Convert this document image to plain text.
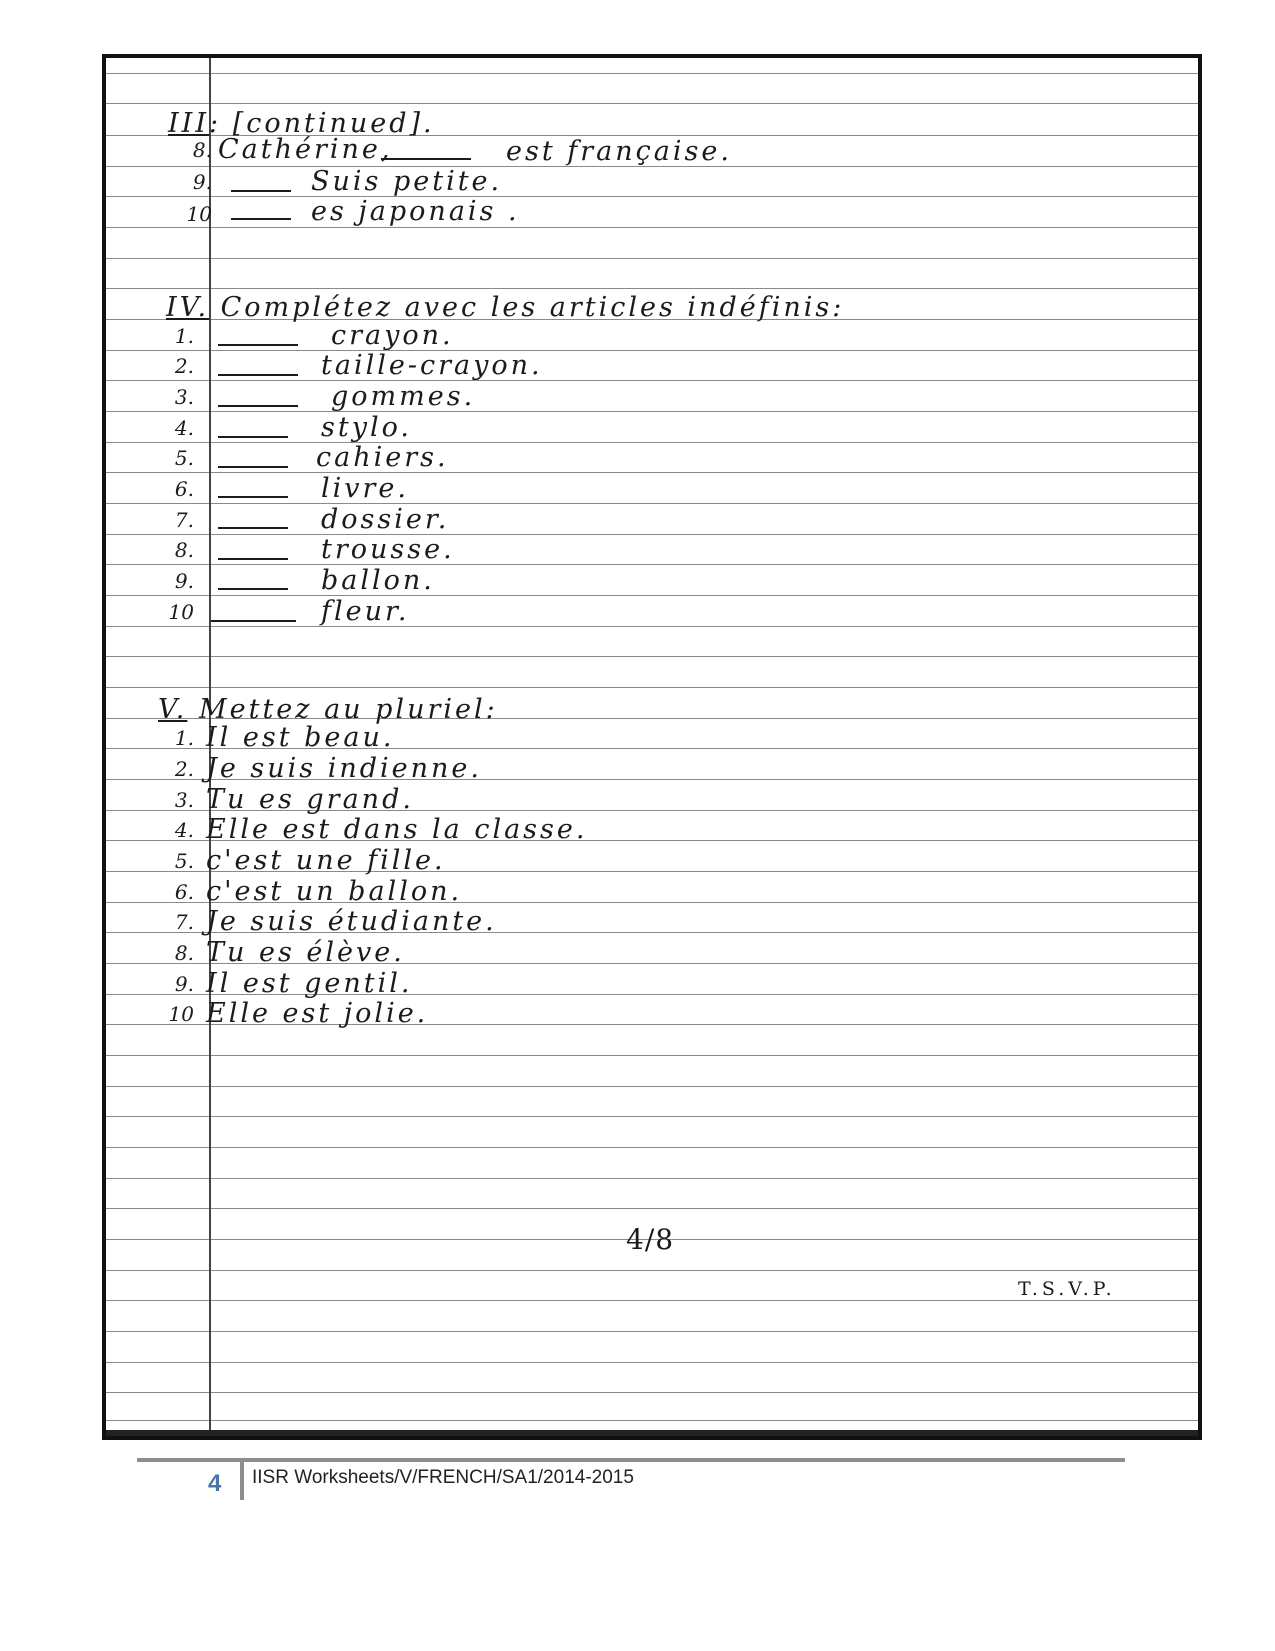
III: [continued].
8. Cathérine,	est française.
9.	Suis petite.
10	es japonais .
IV. Complétez avec les articles indéfinis:
1.	crayon.
2.	taille-crayon.
3.	gommes.
4.	stylo.
5.	cahiers.
6.	livre.
7.	dossier.
8.	trousse.
9.	ballon.
10	fleur.
V. Mettez au pluriel:
1. Il est beau.
2. Je suis indienne.
3. Tu es grand.
4. Elle est dans la classe.
5. c'est une fille.
6. c'est un ballon.
7. Je suis étudiante.
8. Tu es élève.
9. Il est gentil.
10 Elle est jolie.
4/8
T.S.V.P.
4 IISR Worksheets/V/FRENCH/SA1/2014-2015
